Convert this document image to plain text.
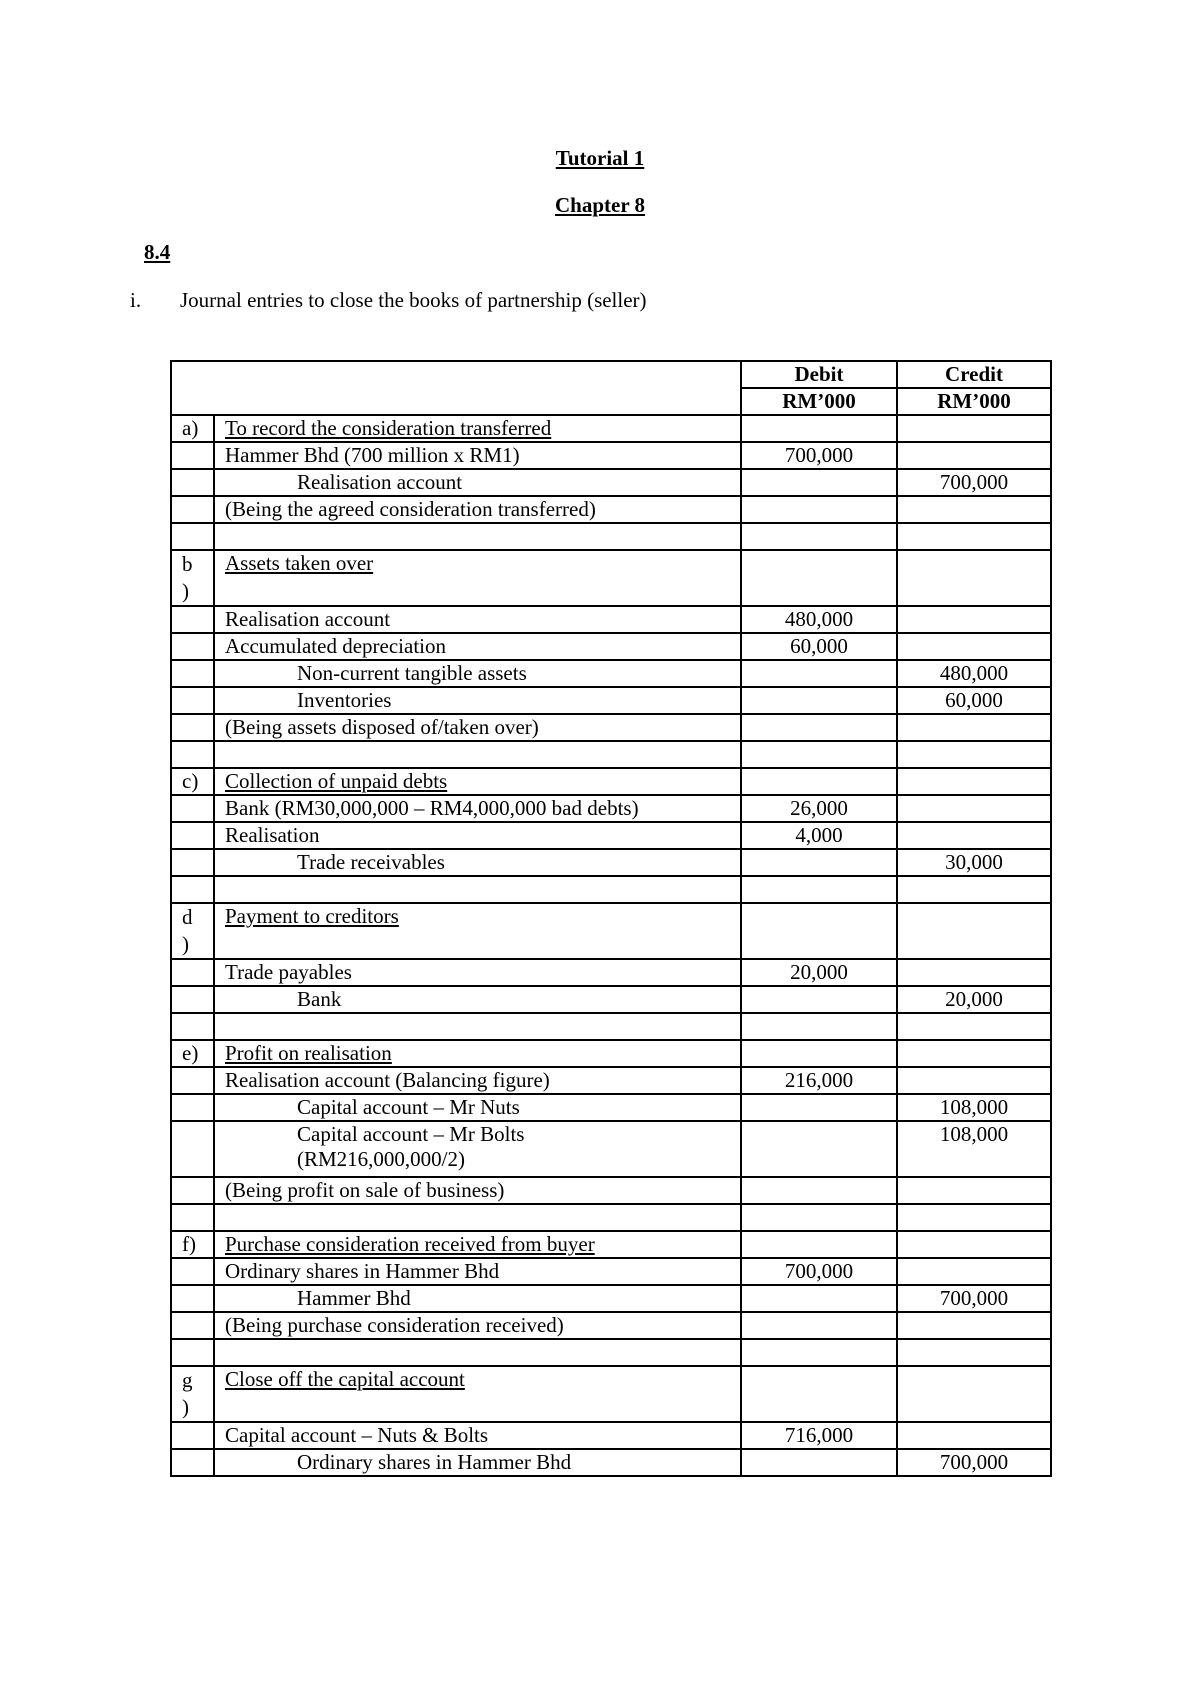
Tutorial 1
Chapter 8
8.4
i. Journal entries to close the books of partnership (seller)
		Debit	Credit
		RM’000	RM’000
a)	To record the consideration transferred		
	Hammer Bhd (700 million x RM1)	700,000	
	Realisation account		700,000
	(Being the agreed consideration transferred)		

b )	Assets taken over		
	Realisation account	480,000	
	Accumulated depreciation	60,000	
	Non-current tangible assets		480,000
	Inventories		60,000
	(Being assets disposed of/taken over)		

c)	Collection of unpaid debts		
	Bank (RM30,000,000 – RM4,000,000 bad debts)	26,000	
	Realisation	4,000	
	Trade receivables		30,000

d )	Payment to creditors		
	Trade payables	20,000	
	Bank		20,000

e)	Profit on realisation		
	Realisation account (Balancing figure)	216,000	
	Capital account – Mr Nuts		108,000
	Capital account – Mr Bolts
(RM216,000,000/2)		108,000
	(Being profit on sale of business)		

f)	Purchase consideration received from buyer		
	Ordinary shares in Hammer Bhd	700,000	
	Hammer Bhd		700,000
	(Being purchase consideration received)		

g )	Close off the capital account		
	Capital account – Nuts & Bolts	716,000	
	Ordinary shares in Hammer Bhd		700,000
